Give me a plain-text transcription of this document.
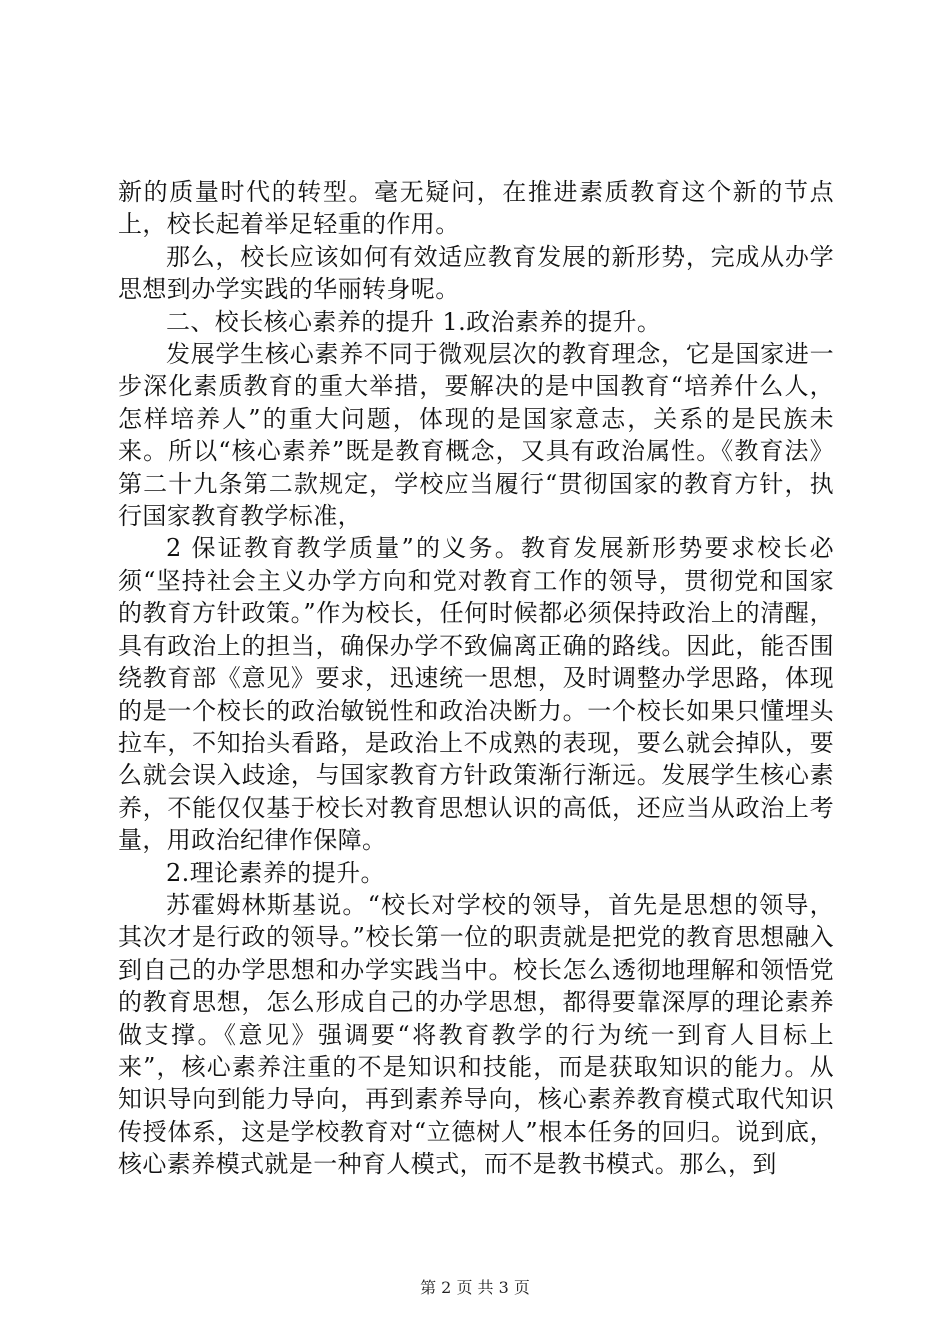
新的质量时代的转型。毫无疑问，在推进素质教育这个新的节点上，校长起着举足轻重的作用。

那么，校长应该如何有效适应教育发展的新形势，完成从办学思想到办学实践的华丽转身呢。

二、校长核心素养的提升 1.政治素养的提升。

发展学生核心素养不同于微观层次的教育理念，它是国家进一步深化素质教育的重大举措，要解决的是中国教育“培养什么人，怎样培养人”的重大问题，体现的是国家意志，关系的是民族未来。所以“核心素养”既是教育概念，又具有政治属性。《教育法》第二十九条第二款规定，学校应当履行“贯彻国家的教育方针，执行国家教育教学标准，

2 保证教育教学质量”的义务。教育发展新形势要求校长必须“坚持社会主义办学方向和党对教育工作的领导，贯彻党和国家的教育方针政策。”作为校长，任何时候都必须保持政治上的清醒，具有政治上的担当，确保办学不致偏离正确的路线。因此，能否围绕教育部《意见》要求，迅速统一思想，及时调整办学思路，体现的是一个校长的政治敏锐性和政治决断力。一个校长如果只懂埋头拉车，不知抬头看路，是政治上不成熟的表现，要么就会掉队，要么就会误入歧途，与国家教育方针政策渐行渐远。发展学生核心素养，不能仅仅基于校长对教育思想认识的高低，还应当从政治上考量，用政治纪律作保障。

2.理论素养的提升。

苏霍姆林斯基说。“校长对学校的领导，首先是思想的领导，其次才是行政的领导。”校长第一位的职责就是把党的教育思想融入到自己的办学思想和办学实践当中。校长怎么透彻地理解和领悟党的教育思想，怎么形成自己的办学思想，都得要靠深厚的理论素养做支撑。《意见》强调要“将教育教学的行为统一到育人目标上来”，核心素养注重的不是知识和技能，而是获取知识的能力。从知识导向到能力导向，再到素养导向，核心素养教育模式取代知识传授体系，这是学校教育对“立德树人”根本任务的回归。说到底，核心素养模式就是一种育人模式，而不是教书模式。那么，到

第 2 页 共 3 页
